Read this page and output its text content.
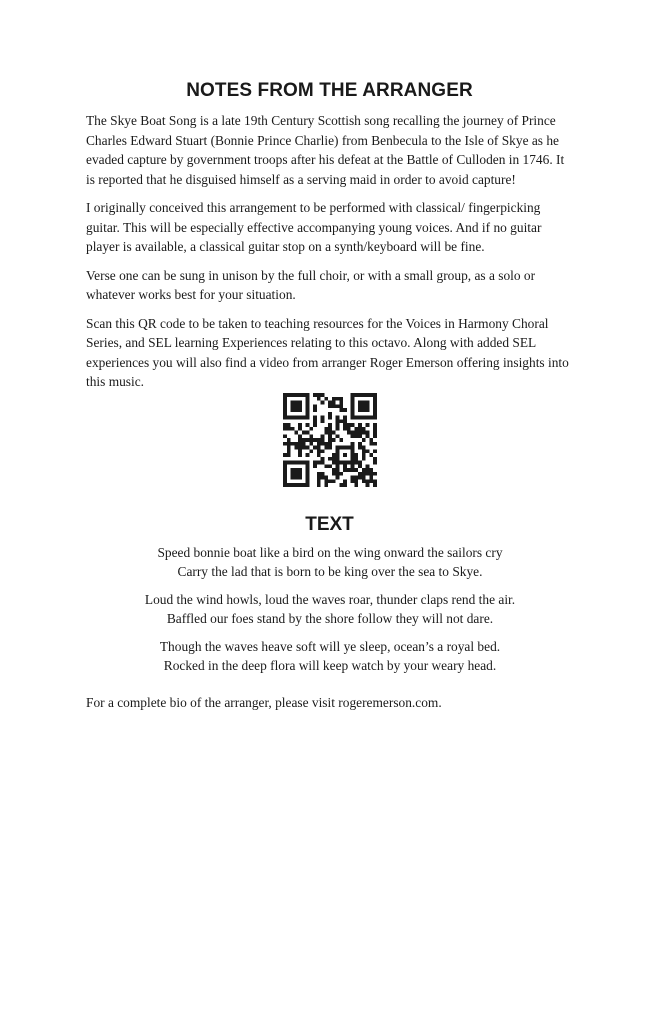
NOTES FROM THE ARRANGER

The Skye Boat Song is a late 19th Century Scottish song recalling the journey of Prince Charles Edward Stuart (Bonnie Prince Charlie) from Benbecula to the Isle of Skye as he evaded capture by government troops after his defeat at the Battle of Culloden in 1746. It is reported that he disguised himself as a serving maid in order to avoid capture!

I originally conceived this arrangement to be performed with classical/ fingerpicking guitar. This will be especially effective accompanying young voices. And if no guitar player is available, a classical guitar stop on a synth/keyboard will be fine.

Verse one can be sung in unison by the full choir, or with a small group, as a solo or whatever works best for your situation.

Scan this QR code to be taken to teaching resources for the Voices in Harmony Choral Series, and SEL learning Experiences relating to this octavo. Along with added SEL experiences you will also find a video from arranger Roger Emerson offering insights into this music.

TEXT
Speed bonnie boat like a bird on the wing onward the sailors cry
Carry the lad that is born to be king over the sea to Skye.
Loud the wind howls, loud the waves roar, thunder claps rend the air.
Baffled our foes stand by the shore follow they will not dare.
Though the waves heave soft will ye sleep, ocean’s a royal bed.
Rocked in the deep flora will keep watch by your weary head.

For a complete bio of the arranger, please visit rogeremerson.com.
